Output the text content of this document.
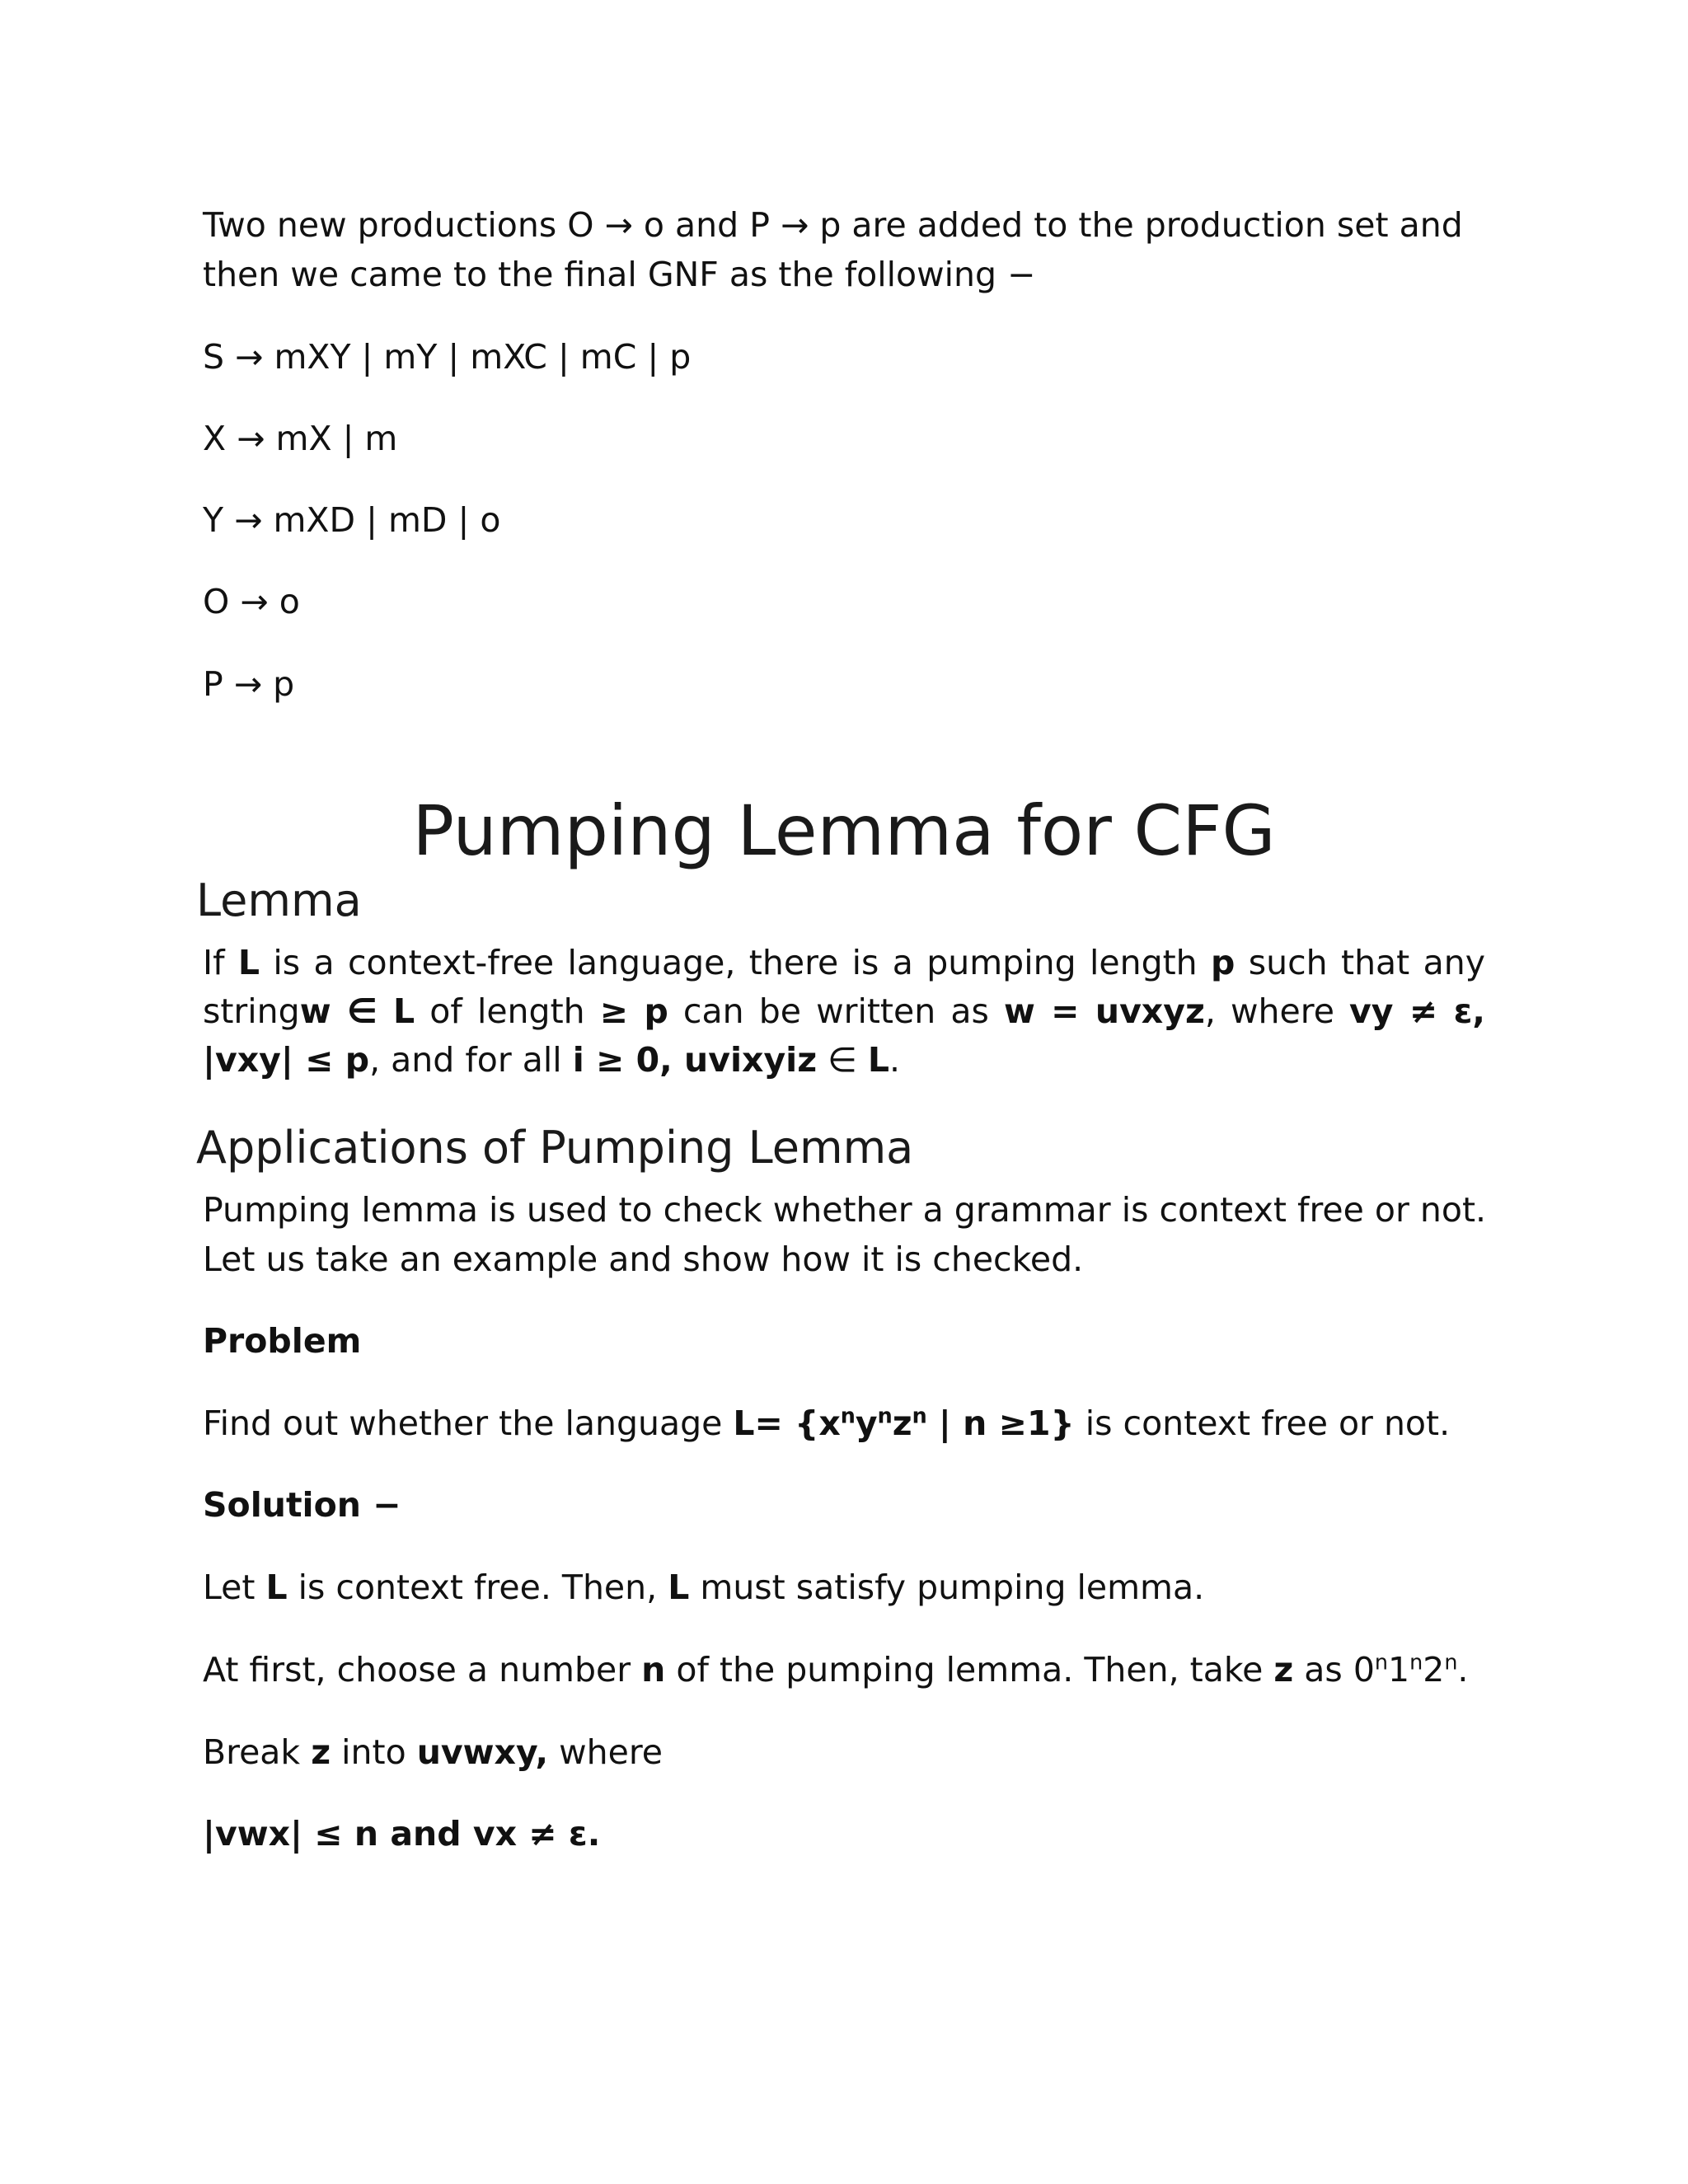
Two new productions O → o and P → p are added to the production set and

then we came to the final GNF as the following −

S → mXY | mY | mXC | mC | p

X → mX | m

Y → mXD | mD | o

O → o

P → p

Pumping Lemma for CFG
Lemma

If L is a context-free language, there is a pumping length p such that any stringw ∈ L of length ≥ p can be written as w = uvxyz, where vy ≠ ε, |vxy| ≤ p, and for all i ≥ 0, uvixyiz ∈ L.

Applications of Pumping Lemma

Pumping lemma is used to check whether a grammar is context free or not.

Let us take an example and show how it is checked.

Problem

Find out whether the language $L= \{x^ny^nz^n$ | n ≥1} is context free or not.

Solution −

Let L is context free. Then, L must satisfy pumping lemma.

At first, choose a number n of the pumping lemma. Then, take z as 0$^n$1$^n$2$^n$.

Break z into uvwxy, where

|vwx| ≤ n and vx ≠ ε.
